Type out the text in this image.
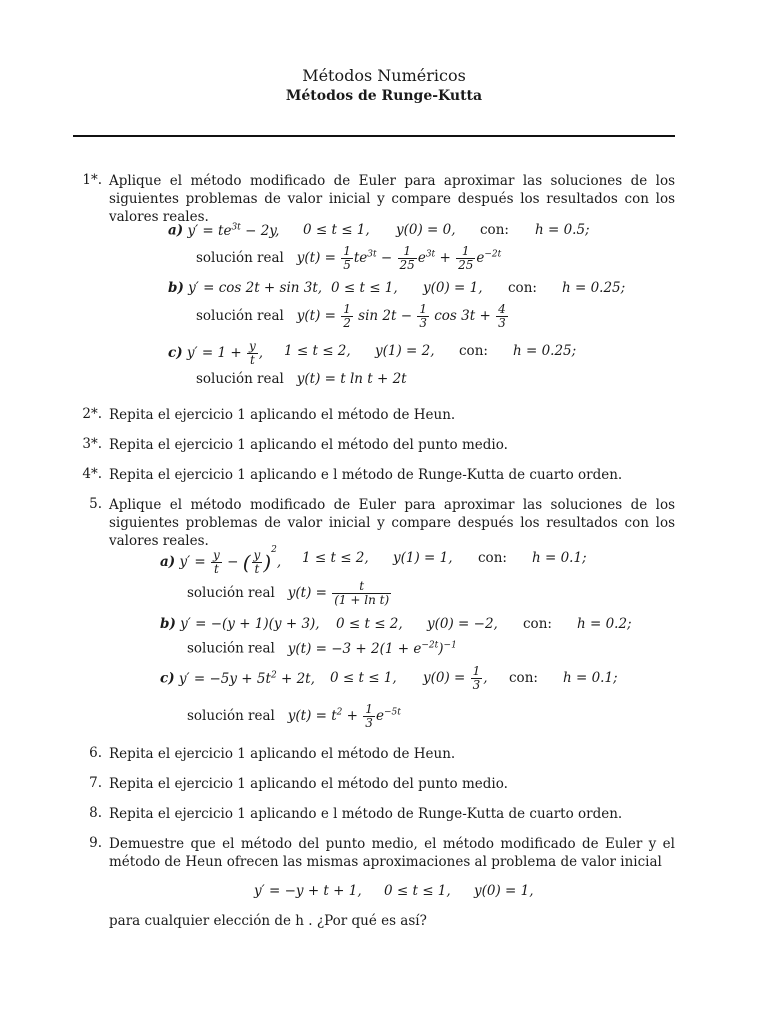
Métodos Numéricos
Métodos de Runge-Kutta
1*. Aplique el método modificado de Euler para aproximar las soluciones de los siguientes problemas de valor inicial y compare después los resultados con los valores reales.
a) $y' = te^{3t} - 2y$, 0 ≤ t ≤ 1, y(0) = 0, con: h = 0.5;
solución real $y(t) = \frac{1}{5} te^{3t} - \frac{1}{25} e^{3t} + \frac{1}{25} e^{-2t}$
b) y′ = cos 2t + sin 3t, 0 ≤ t ≤ 1, y(0) = 1, con: h = 0.25;
solución real $y(t) = \frac{1}{2}$ $\sin 2t - \frac{1}{3}$ $\cos 3t + \frac{4}{3}$
c) $y' = 1 + \frac{y}{t}$ , 1 ≤ t ≤ 2, y(1) = 2, con: h = 0.25;
solución real y(t) = t ln t + 2t
2*. Repita el ejercicio 1 aplicando el método de Heun.
3*. Repita el ejercicio 1 aplicando el método del punto medio.
4*. Repita el ejercicio 1 aplicando e l método de Runge-Kutta de cuarto orden.
5. Aplique el método modificado de Euler para aproximar las soluciones de los siguientes problemas de valor inicial y compare después los resultados con los valores reales.
a) $y' = \frac{y}{t}$ − ( $\frac{y}{t} )^2$, 1 ≤ t ≤ 2, y(1) = 1, con: h = 0.1;
solución real $y(t) = \frac{t}{\text{(1 + ln t)}}$
b) y′ = −(y + 1)(y + 3), 0 ≤ t ≤ 2, y(0) = −2, con: h = 0.2;
solución real $y(t) = -3 + 2(1 + e^{-2t})^{-1}$
c) $y' = -5y + 5t^2 + 2t$, 0 ≤ t ≤ 1, $y(0) = \frac{1}{3}$ , con: h = 0.1;
solución real $y(t) = t^2 + \frac{1}{3} e^{-5t}$
6. Repita el ejercicio 1 aplicando el método de Heun.
7. Repita el ejercicio 1 aplicando el método del punto medio.
8. Repita el ejercicio 1 aplicando e l método de Runge-Kutta de cuarto orden.
9. Demuestre que el método del punto medio, el método modificado de Euler y el método de Heun ofrecen las mismas aproximaciones al problema de valor inicial
y′ = −y + t + 1, 0 ≤ t ≤ 1, y(0) = 1,
para cualquier elección de h . ¿Por qué es así?
